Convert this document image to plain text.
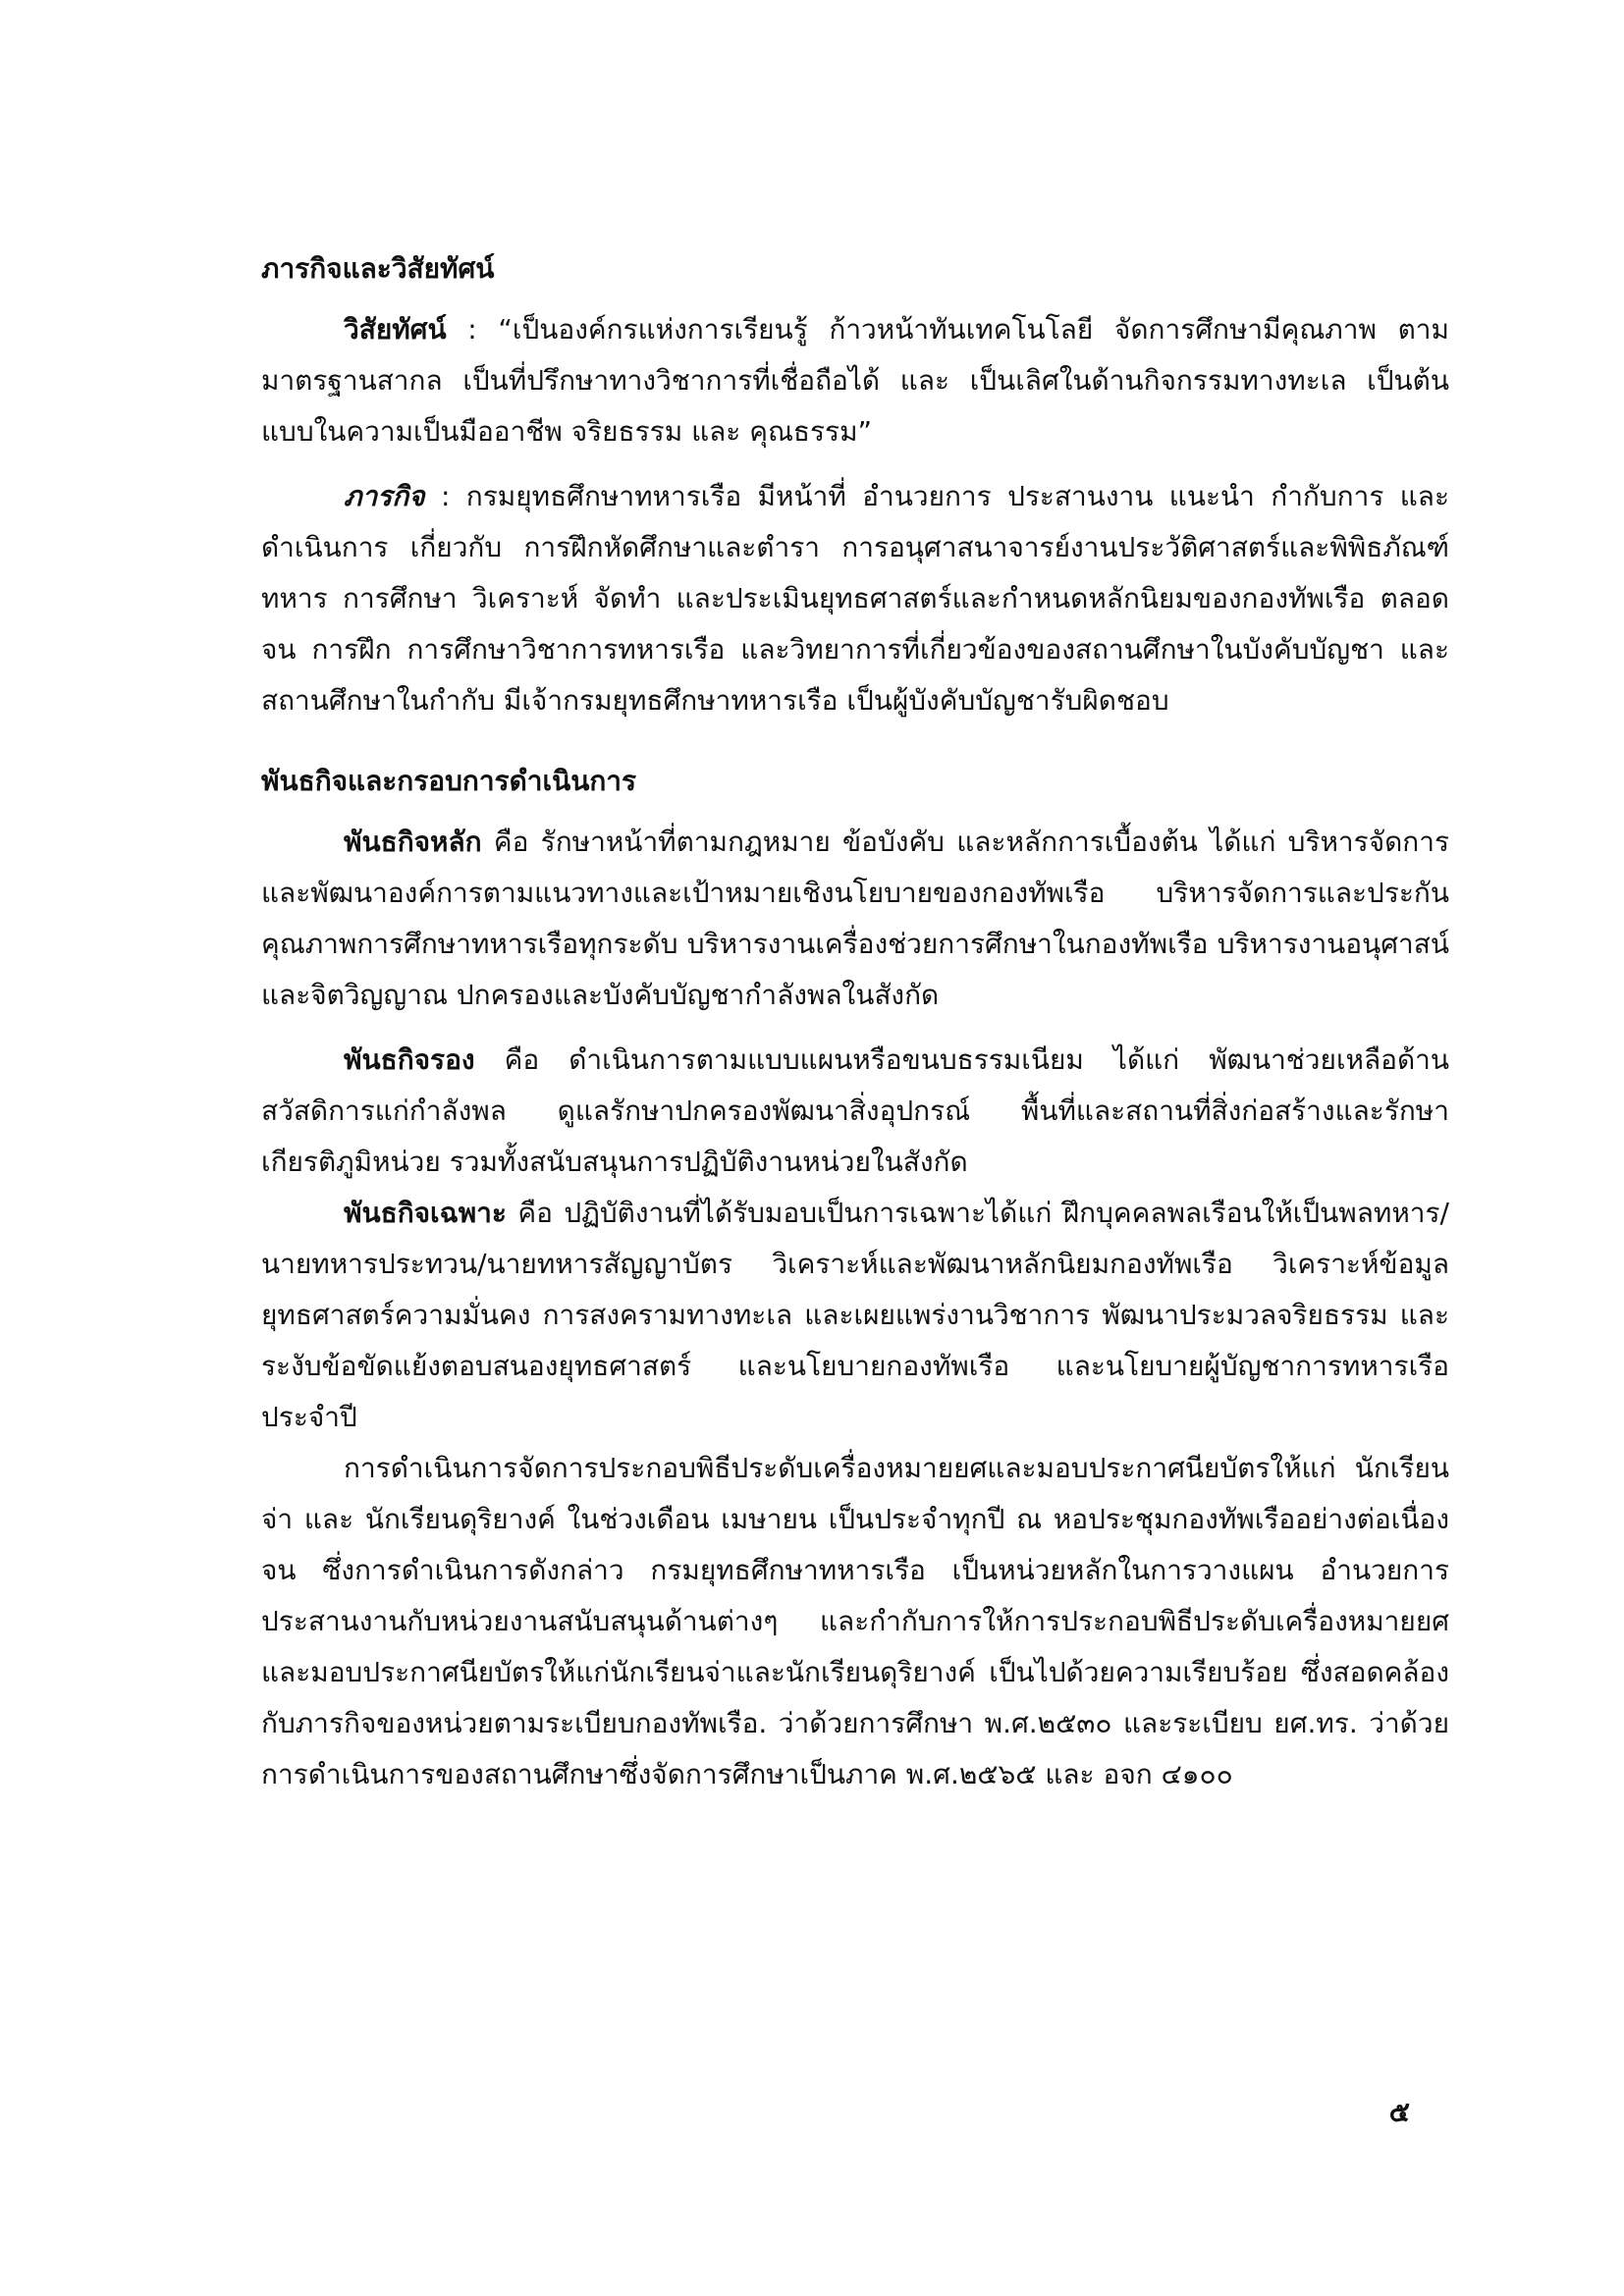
ภารกิจและวิสัยทัศน์

วิสัยทัศน์ : “เป็นองค์กรแห่งการเรียนรู้ ก้าวหน้าทันเทคโนโลยี จัดการศึกษามีคุณภาพ ตามมาตรฐานสากล เป็นที่ปรึกษาทางวิชาการที่เชื่อถือได้ และ เป็นเลิศในด้านกิจกรรมทางทะเล เป็นต้นแบบในความเป็นมืออาชีพ จริยธรรม และ คุณธรรม”

ภารกิจ : กรมยุทธศึกษาทหารเรือ มีหน้าที่ อำนวยการ ประสานงาน แนะนำ กำกับการ และดำเนินการ เกี่ยวกับ การฝึกหัดศึกษาและตำรา การอนุศาสนาจารย์งานประวัติศาสตร์และพิพิธภัณฑ์ทหาร การศึกษา วิเคราะห์ จัดทำ และประเมินยุทธศาสตร์และกำหนดหลักนิยมของกองทัพเรือ ตลอดจน การฝึก การศึกษาวิชาการทหารเรือ และวิทยาการที่เกี่ยวข้องของสถานศึกษาในบังคับบัญชา และสถานศึกษาในกำกับ มีเจ้ากรมยุทธศึกษาทหารเรือ เป็นผู้บังคับบัญชารับผิดชอบ

พันธกิจและกรอบการดำเนินการ

พันธกิจหลัก คือ รักษาหน้าที่ตามกฎหมาย ข้อบังคับ และหลักการเบื้องต้น ได้แก่ บริหารจัดการและพัฒนาองค์การตามแนวทางและเป้าหมายเชิงนโยบายของกองทัพเรือ บริหารจัดการและประกันคุณภาพการศึกษาทหารเรือทุกระดับ บริหารงานเครื่องช่วยการศึกษาในกองทัพเรือ บริหารงานอนุศาสน์และจิตวิญญาณ ปกครองและบังคับบัญชากำลังพลในสังกัด

พันธกิจรอง คือ ดำเนินการตามแบบแผนหรือขนบธรรมเนียม ได้แก่ พัฒนาช่วยเหลือด้านสวัสดิการแก่กำลังพล ดูแลรักษาปกครองพัฒนาสิ่งอุปกรณ์ พื้นที่และสถานที่สิ่งก่อสร้างและรักษาเกียรติภูมิหน่วย รวมทั้งสนับสนุนการปฏิบัติงานหน่วยในสังกัด

พันธกิจเฉพาะ คือ ปฏิบัติงานที่ได้รับมอบเป็นการเฉพาะได้แก่ ฝึกบุคคลพลเรือนให้เป็นพลทหาร/นายทหารประทวน/นายทหารสัญญาบัตร วิเคราะห์และพัฒนาหลักนิยมกองทัพเรือ วิเคราะห์ข้อมูลยุทธศาสตร์ความมั่นคง การสงครามทางทะเล และเผยแพร่งานวิชาการ พัฒนาประมวลจริยธรรม และระงับข้อขัดแย้งตอบสนองยุทธศาสตร์ และนโยบายกองทัพเรือ และนโยบายผู้บัญชาการทหารเรือประจำปี

การดำเนินการจัดการประกอบพิธีประดับเครื่องหมายยศและมอบประกาศนียบัตรให้แก่ นักเรียนจ่า และ นักเรียนดุริยางค์ ในช่วงเดือน เมษายน เป็นประจำทุกปี ณ หอประชุมกองทัพเรืออย่างต่อเนื่องจน ซึ่งการดำเนินการดังกล่าว กรมยุทธศึกษาทหารเรือ เป็นหน่วยหลักในการวางแผน อำนวยการ ประสานงานกับหน่วยงานสนับสนุนด้านต่างๆ และกำกับการให้การประกอบพิธีประดับเครื่องหมายยศและมอบประกาศนียบัตรให้แก่นักเรียนจ่าและนักเรียนดุริยางค์ เป็นไปด้วยความเรียบร้อย ซึ่งสอดคล้องกับภารกิจของหน่วยตามระเบียบกองทัพเรือ. ว่าด้วยการศึกษา พ.ศ.๒๕๓๐ และระเบียบ ยศ.ทร. ว่าด้วยการดำเนินการของสถานศึกษาซึ่งจัดการศึกษาเป็นภาค พ.ศ.๒๕๖๕ และ อจก ๔๑๐๐

๕
